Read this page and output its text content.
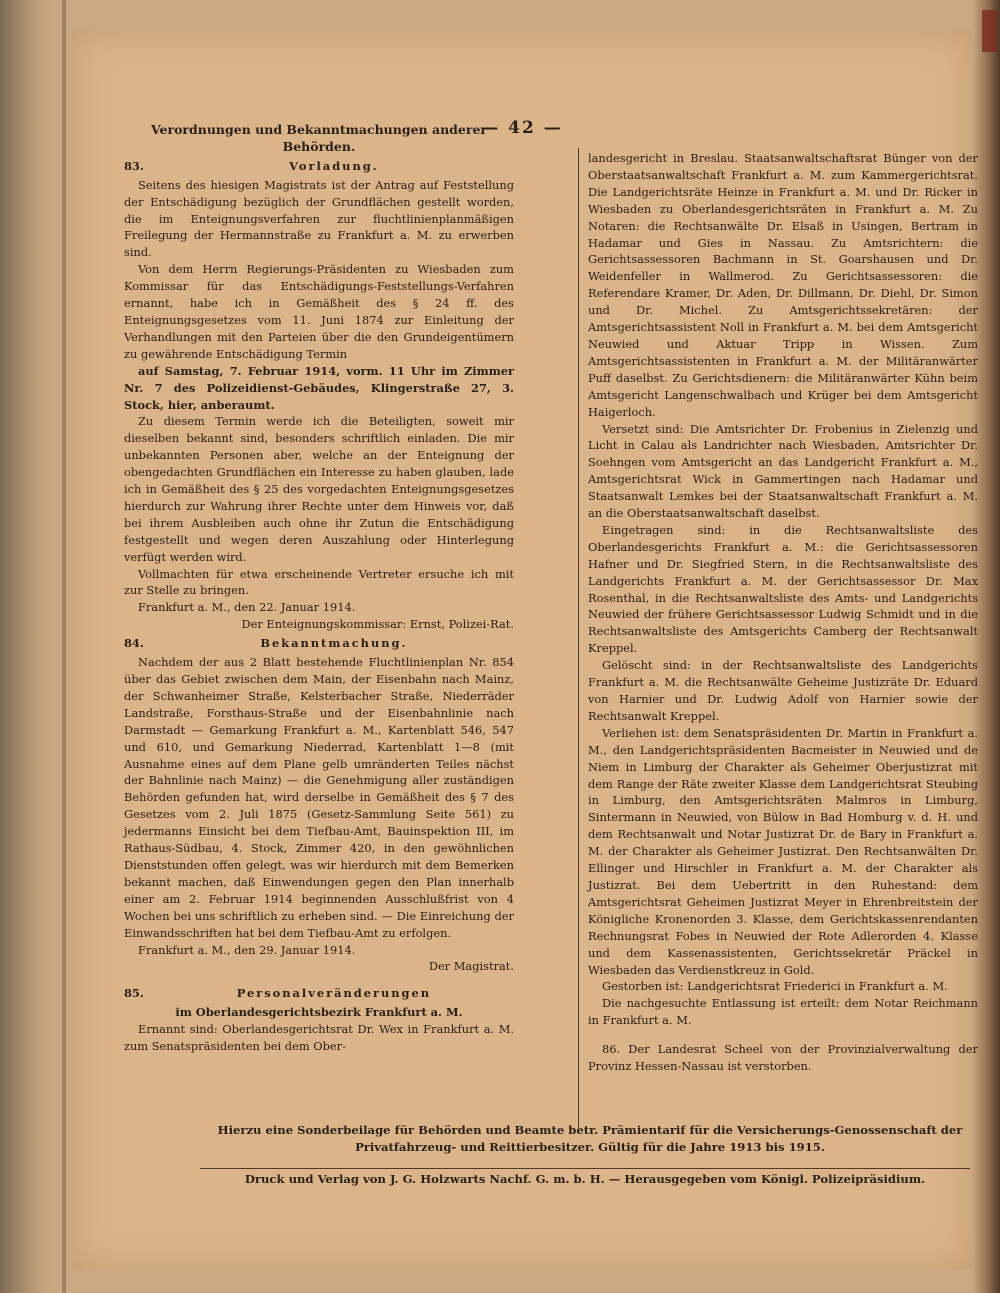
— 42 —
Verordnungen und Bekanntmachungen anderer Behörden.
83.	Vorladung.

Seitens des hiesigen Magistrats ist der Antrag auf Feststellung der Entschädigung bezüglich der Grundflächen gestellt worden, die im Enteignungsverfahren zur fluchtlinienplanmäßigen Freilegung der Hermannstraße zu Frankfurt a. M. zu erwerben sind.

Von dem Herrn Regierungs-Präsidenten zu Wiesbaden zum Kommissar für das Entschädigungs-Feststellungs-Verfahren ernannt, habe ich in Gemäßheit des § 24 ff. des Enteignungsgesetzes vom 11. Juni 1874 zur Einleitung der Verhandlungen mit den Parteien über die den Grundeigentümern zu gewährende Entschädigung Termin

auf Samstag, 7. Februar 1914, vorm. 11 Uhr im Zimmer Nr. 7 des Polizeidienst-Gebäudes, Klingerstraße 27, 3. Stock, hier, anberaumt.

Zu diesem Termin werde ich die Beteiligten, soweit mir dieselben bekannt sind, besonders schriftlich einladen. Die mir unbekannten Personen aber, welche an der Enteignung der obengedachten Grundflächen ein Interesse zu haben glauben, lade ich in Gemäßheit des § 25 des vorgedachten Enteignungsgesetzes hierdurch zur Wahrung ihrer Rechte unter dem Hinweis vor, daß bei ihrem Ausbleiben auch ohne ihr Zutun die Entschädigung festgestellt und wegen deren Auszahlung oder Hinterlegung verfügt werden wird.

Vollmachten für etwa erscheinende Vertreter ersuche ich mit zur Stelle zu bringen.

Frankfurt a. M., den 22. Januar 1914.

Der Enteignungskommissar: Ernst, Polizei-Rat.

84.	Bekanntmachung.

Nachdem der aus 2 Blatt bestehende Fluchtlinienplan Nr. 854 über das Gebiet zwischen dem Main, der Eisenbahn nach Mainz, der Schwanheimer Straße, Kelsterbacher Straße, Niederräder Landstraße, Forsthaus-Straße und der Eisenbahnlinie nach Darmstadt — Gemarkung Frankfurt a. M., Kartenblatt 546, 547 und 610, und Gemarkung Niederrad, Kartenblatt 1—8 (mit Ausnahme eines auf dem Plane gelb umränderten Teiles nächst der Bahnlinie nach Mainz) — die Genehmigung aller zuständigen Behörden gefunden hat, wird derselbe in Gemäßheit des § 7 des Gesetzes vom 2. Juli 1875 (Gesetz-Sammlung Seite 561) zu jedermanns Einsicht bei dem Tiefbau-Amt, Bauinspektion III, im Rathaus-Südbau, 4. Stock, Zimmer 420, in den gewöhnlichen Dienststunden offen gelegt, was wir hierdurch mit dem Bemerken bekannt machen, daß Einwendungen gegen den Plan innerhalb einer am 2. Februar 1914 beginnenden Ausschlußfrist von 4 Wochen bei uns schriftlich zu erheben sind. — Die Einreichung der Einwandsschriften hat bei dem Tiefbau-Amt zu erfolgen.

Frankfurt a. M., den 29. Januar 1914.

Der Magistrat.

85.	Personalveränderungen
im Oberlandesgerichtsbezirk Frankfurt a. M.

Ernannt sind: Oberlandesgerichtsrat Dr. Wex in Frankfurt a. M. zum Senatspräsidenten bei dem Ober-

landesgericht in Breslau. Staatsanwaltschaftsrat Bünger von der Oberstaatsanwaltschaft Frankfurt a. M. zum Kammergerichtsrat. Die Landgerichtsräte Heinze in Frankfurt a. M. und Dr. Ricker in Wiesbaden zu Oberlandesgerichtsräten in Frankfurt a. M. Zu Notaren: die Rechtsanwälte Dr. Elsaß in Usingen, Bertram in Hadamar und Gies in Nassau. Zu Amtsrichtern: die Gerichtsassessoren Bachmann in St. Goarshausen und Dr. Weidenfeller in Wallmerod. Zu Gerichtsassessoren: die Referendare Kramer, Dr. Aden, Dr. Dillmann, Dr. Diehl, Dr. Simon und Dr. Michel. Zu Amtsgerichtssekretären: der Amtsgerichtsassistent Noll in Frankfurt a. M. bei dem Amtsgericht Neuwied und Aktuar Tripp in Wissen. Zum Amtsgerichtsassistenten in Frankfurt a. M. der Militäranwärter Puff daselbst. Zu Gerichtsdienern: die Militäranwärter Kühn beim Amtsgericht Langenschwalbach und Krüger bei dem Amtsgericht Haigerloch.

Versetzt sind: Die Amtsrichter Dr. Frobenius in Zielenzig und Licht in Calau als Landrichter nach Wiesbaden, Amtsrichter Dr. Soehngen vom Amtsgericht an das Landgericht Frankfurt a. M., Amtsgerichtsrat Wick in Gammertingen nach Hadamar und Staatsanwalt Lemkes bei der Staatsanwaltschaft Frankfurt a. M. an die Oberstaatsanwaltschaft daselbst.

Eingetragen sind: in die Rechtsanwaltsliste des Oberlandesgerichts Frankfurt a. M.: die Gerichtsassessoren Hafner und Dr. Siegfried Stern, in die Rechtsanwaltsliste des Landgerichts Frankfurt a. M. der Gerichtsassessor Dr. Max Rosenthal, in die Rechtsanwaltsliste des Amts- und Landgerichts Neuwied der frühere Gerichtsassessor Ludwig Schmidt und in die Rechtsanwaltsliste des Amtsgerichts Camberg der Rechtsanwalt Kreppel.

Gelöscht sind: in der Rechtsanwaltsliste des Landgerichts Frankfurt a. M. die Rechtsanwälte Geheime Justizräte Dr. Eduard von Harnier und Dr. Ludwig Adolf von Harnier sowie der Rechtsanwalt Kreppel.

Verliehen ist: dem Senatspräsidenten Dr. Martin in Frankfurt a. M., den Landgerichtspräsidenten Bacmeister in Neuwied und de Niem in Limburg der Charakter als Geheimer Oberjustizrat mit dem Range der Räte zweiter Klasse dem Landgerichtsrat Steubing in Limburg, den Amtsgerichtsräten Malmros in Limburg, Sintermann in Neuwied, von Bülow in Bad Homburg v. d. H. und dem Rechtsanwalt und Notar Justizrat Dr. de Bary in Frankfurt a. M. der Charakter als Geheimer Justizrat. Den Rechtsanwälten Dr. Ellinger und Hirschler in Frankfurt a. M. der Charakter als Justizrat. Bei dem Uebertritt in den Ruhestand: dem Amtsgerichtsrat Geheimen Justizrat Meyer in Ehrenbreitstein der Königliche Kronenorden 3. Klasse, dem Gerichtskassenrendanten Rechnungsrat Fobes in Neuwied der Rote Adlerorden 4. Klasse und dem Kassenassistenten, Gerichtssekretär Präckel in Wiesbaden das Verdienstkreuz in Gold.

Gestorben ist: Landgerichtsrat Friederici in Frankfurt a. M.

Die nachgesuchte Entlassung ist erteilt: dem Notar Reichmann in Frankfurt a. M.

86. Der Landesrat Scheel von der Provinzialverwaltung der Provinz Hessen-Nassau ist verstorben.

Hierzu eine Sonderbeilage für Behörden und Beamte betr. Prämientarif für die Versicherungs-Genossenschaft der Privatfahrzeug- und Reittierbesitzer. Gültig für die Jahre 1913 bis 1915.
Druck und Verlag von J. G. Holzwarts Nachf. G. m. b. H. — Herausgegeben vom Königl. Polizeipräsidium.
